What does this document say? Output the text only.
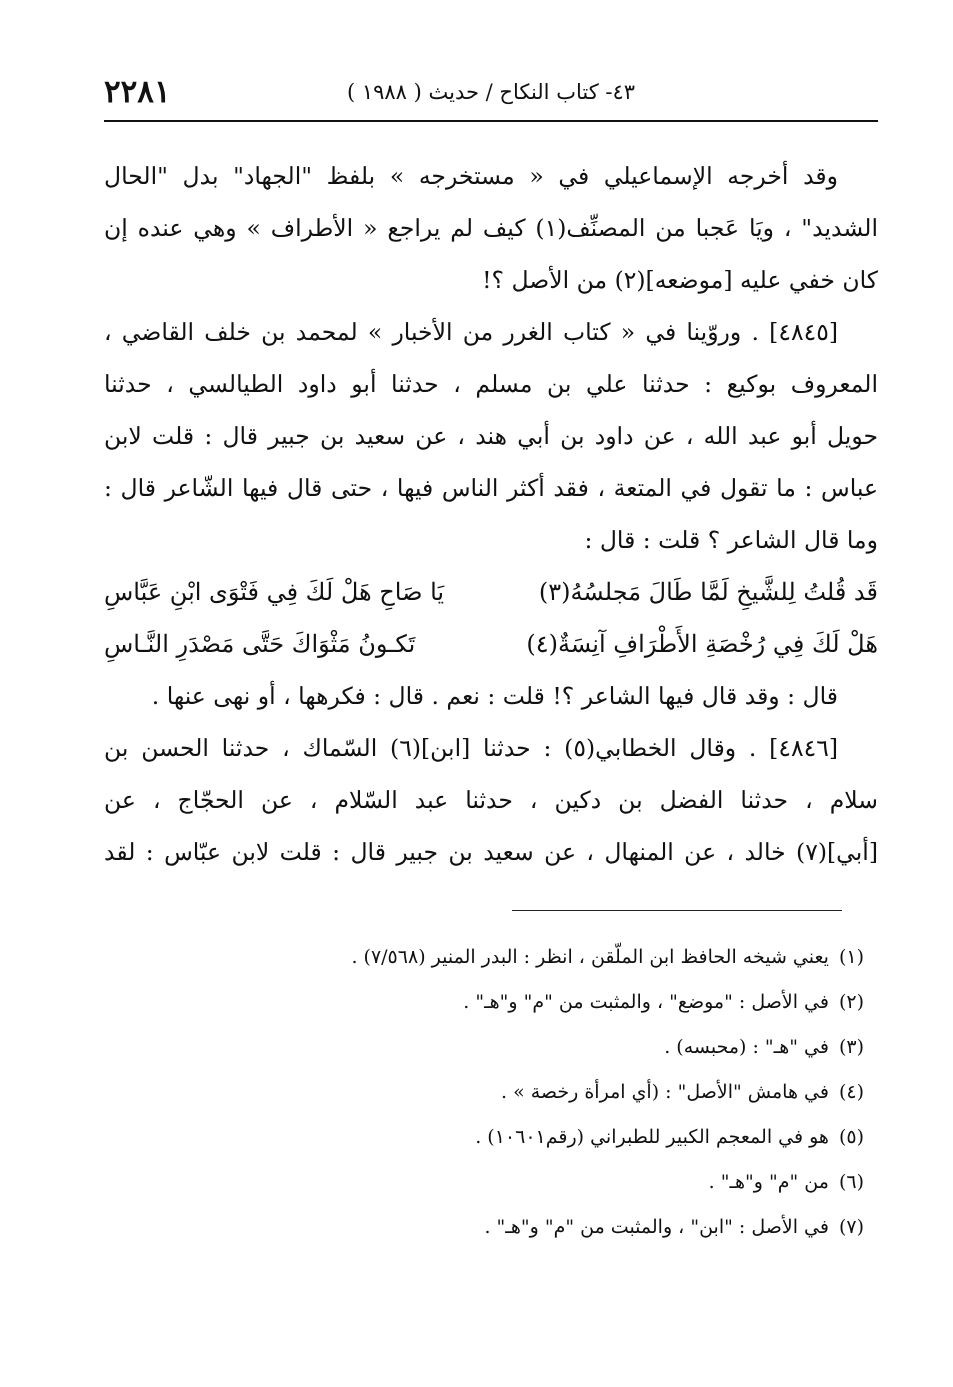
٢٢٨١	٤٣- كتاب النكاح / حديث ( ١٩٨٨ )
وقد أخرجه الإسماعيلي في « مستخرجه » بلفظ "الجهاد" بدل "الحال
الشديد" ، ويَا عَجبا من المصنِّف(١) كيف لم يراجع « الأطراف » وهي عنده إن
كان خفي عليه [موضعه](٢) من الأصل ؟!
[٤٨٤٥] . وروّينا في « كتاب الغرر من الأخبار » لمحمد بن خلف القاضي ،
المعروف بوكيع : حدثنا علي بن مسلم ، حدثنا أبو داود الطيالسي ، حدثنا
حويل أبو عبد الله ، عن داود بن أبي هند ، عن سعيد بن جبير قال : قلت لابن
عباس : ما تقول في المتعة ، فقد أكثر الناس فيها ، حتى قال فيها الشّاعر قال :
وما قال الشاعر ؟ قلت : قال :
قَد قُلتُ لِلشَّيخِ لَمَّا طَالَ مَجلسُهُ(٣)
يَا صَاحِ هَلْ لَكَ فِي فَتْوَى ابْنِ عَبَّاسِ
هَلْ لَكَ فِي رُخْصَةِ الأَطْرَافِ آنِسَةٌ(٤)
تَكـونُ مَثْوَاكَ حَتَّى مَصْدَرِ النَّـاسِ
قال : وقد قال فيها الشاعر ؟! قلت : نعم . قال : فكرهها ، أو نهى عنها .
[٤٨٤٦] . وقال الخطابي(٥) : حدثنا [ابن](٦) السّماك ، حدثنا الحسن بن
سلام ، حدثنا الفضل بن دكين ، حدثنا عبد السّلام ، عن الحجّاج ، عن
[أبي](٧) خالد ، عن المنهال ، عن سعيد بن جبير قال : قلت لابن عبّاس : لقد
(١)يعني شيخه الحافظ ابن الملّقن ، انظر : البدر المنير (٧/٥٦٨) .
(٢)في الأصل : "موضع" ، والمثبت من "م" و"هـ" .
(٣)في "هـ" : (محبسه) .
(٤)في هامش "الأصل" : (أي امرأة رخصة » .
(٥)هو في المعجم الكبير للطبراني (رقم١٠٦٠١) .
(٦)من "م" و"هـ" .
(٧)في الأصل : "ابن" ، والمثبت من "م" و"هـ" .
